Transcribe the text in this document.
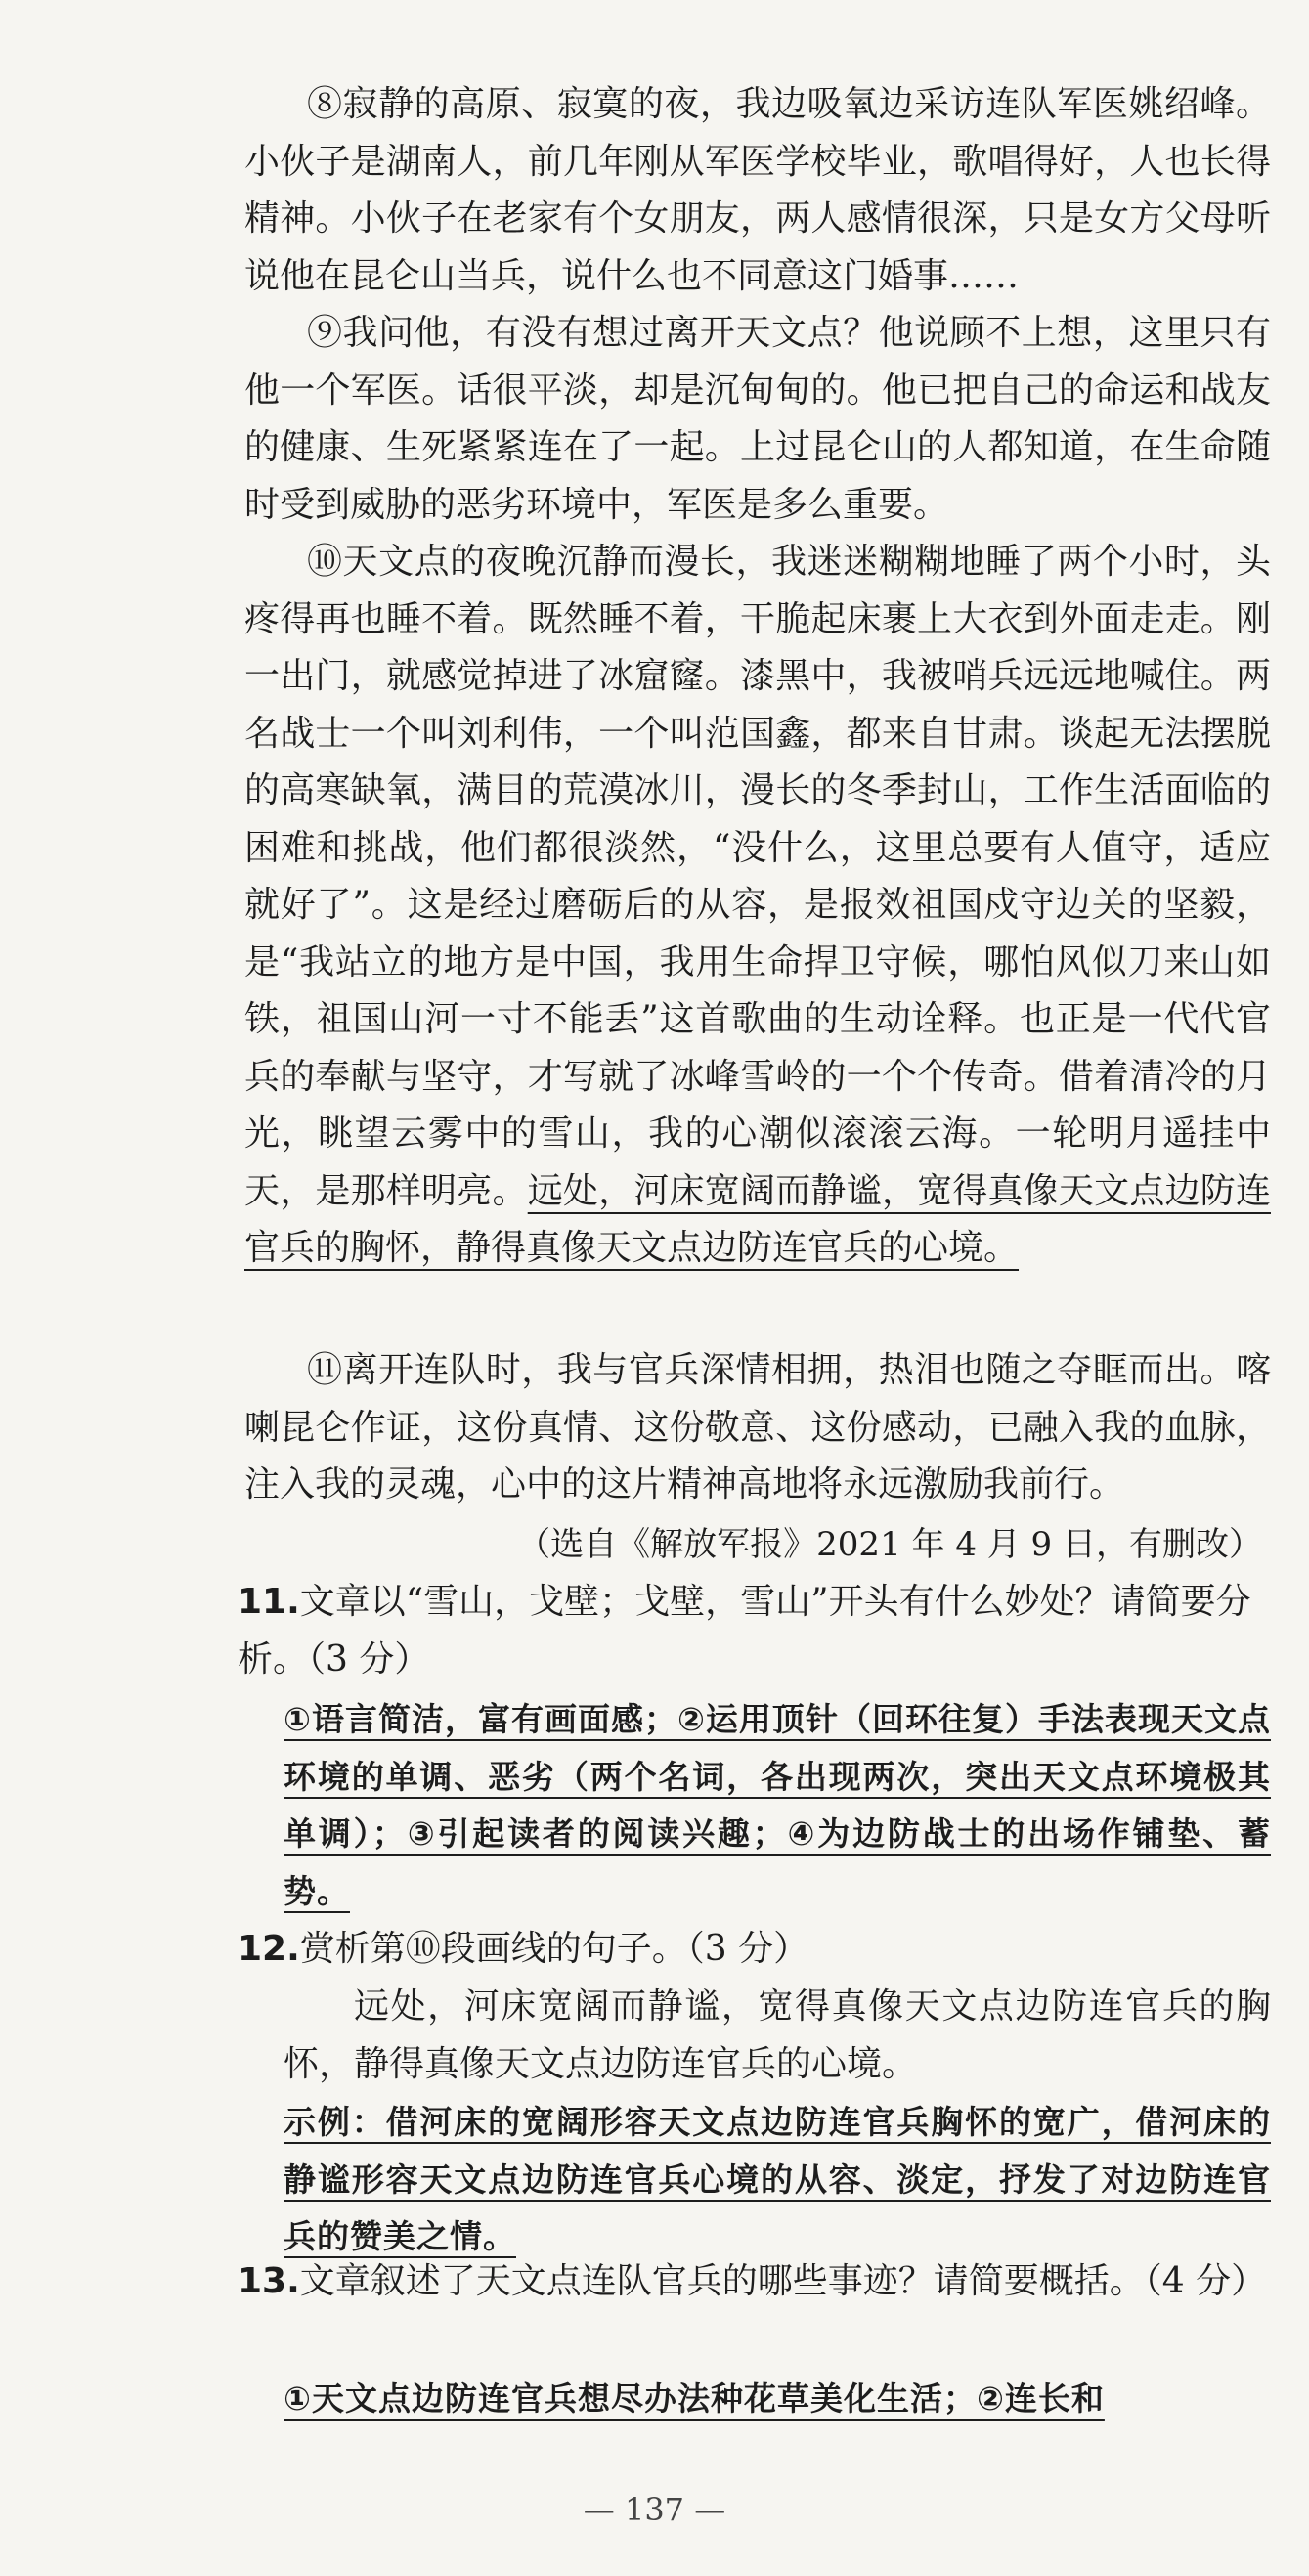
⑧寂静的高原、寂寞的夜，我边吸氧边采访连队军医姚绍峰。小伙子是湖南人，前几年刚从军医学校毕业，歌唱得好，人也长得精神。小伙子在老家有个女朋友，两人感情很深，只是女方父母听说他在昆仑山当兵，说什么也不同意这门婚事……

⑨我问他，有没有想过离开天文点？他说顾不上想，这里只有他一个军医。话很平淡，却是沉甸甸的。他已把自己的命运和战友的健康、生死紧紧连在了一起。上过昆仑山的人都知道，在生命随时受到威胁的恶劣环境中，军医是多么重要。

⑩天文点的夜晚沉静而漫长，我迷迷糊糊地睡了两个小时，头疼得再也睡不着。既然睡不着，干脆起床裹上大衣到外面走走。刚一出门，就感觉掉进了冰窟窿。漆黑中，我被哨兵远远地喊住。两名战士一个叫刘利伟，一个叫范国鑫，都来自甘肃。谈起无法摆脱的高寒缺氧，满目的荒漠冰川，漫长的冬季封山，工作生活面临的困难和挑战，他们都很淡然，“没什么，这里总要有人值守，适应就好了”。这是经过磨砺后的从容，是报效祖国戍守边关的坚毅，是“我站立的地方是中国，我用生命捍卫守候，哪怕风似刀来山如铁，祖国山河一寸不能丢”这首歌曲的生动诠释。也正是一代代官兵的奉献与坚守，才写就了冰峰雪岭的一个个传奇。借着清冷的月光，眺望云雾中的雪山，我的心潮似滚滚云海。一轮明月遥挂中天，是那样明亮。远处，河床宽阔而静谧，宽得真像天文点边防连官兵的胸怀，静得真像天文点边防连官兵的心境。

⑪离开连队时，我与官兵深情相拥，热泪也随之夺眶而出。喀喇昆仑作证，这份真情、这份敬意、这份感动，已融入我的血脉，注入我的灵魂，心中的这片精神高地将永远激励我前行。

（选自《解放军报》2021 年 4 月 9 日，有删改）
11.文章以“雪山，戈壁；戈壁，雪山”开头有什么妙处？请简要分析。（3 分）
①语言简洁，富有画面感；②运用顶针（回环往复）手法表现天文点环境的单调、恶劣（两个名词，各出现两次，突出天文点环境极其单调）；③引起读者的阅读兴趣；④为边防战士的出场作铺垫、蓄势。
12.赏析第⑩段画线的句子。（3 分）
远处，河床宽阔而静谧，宽得真像天文点边防连官兵的胸怀，静得真像天文点边防连官兵的心境。
示例：借河床的宽阔形容天文点边防连官兵胸怀的宽广，借河床的静谧形容天文点边防连官兵心境的从容、淡定，抒发了对边防连官兵的赞美之情。
13.文章叙述了天文点连队官兵的哪些事迹？请简要概括。（4 分）
①天文点边防连官兵想尽办法种花草美化生活；②连长和
— 137 —
